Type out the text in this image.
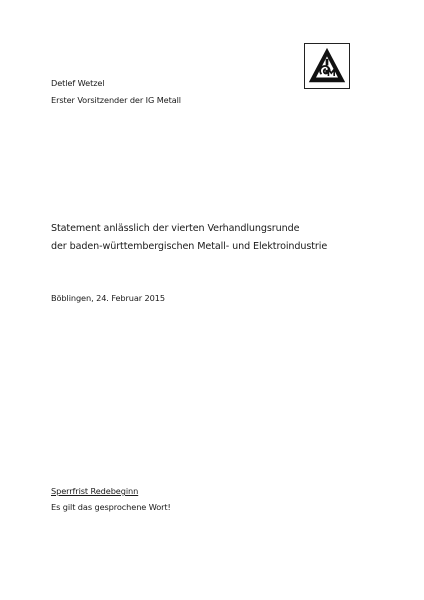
Detlef Wetzel
Erster Vorsitzender der IG Metall
Statement anlässlich der vierten Verhandlungsrunde
der baden-württembergischen Metall- und Elektroindustrie
Böblingen, 24. Februar 2015
Sperrfrist Redebeginn
Es gilt das gesprochene Wort!
